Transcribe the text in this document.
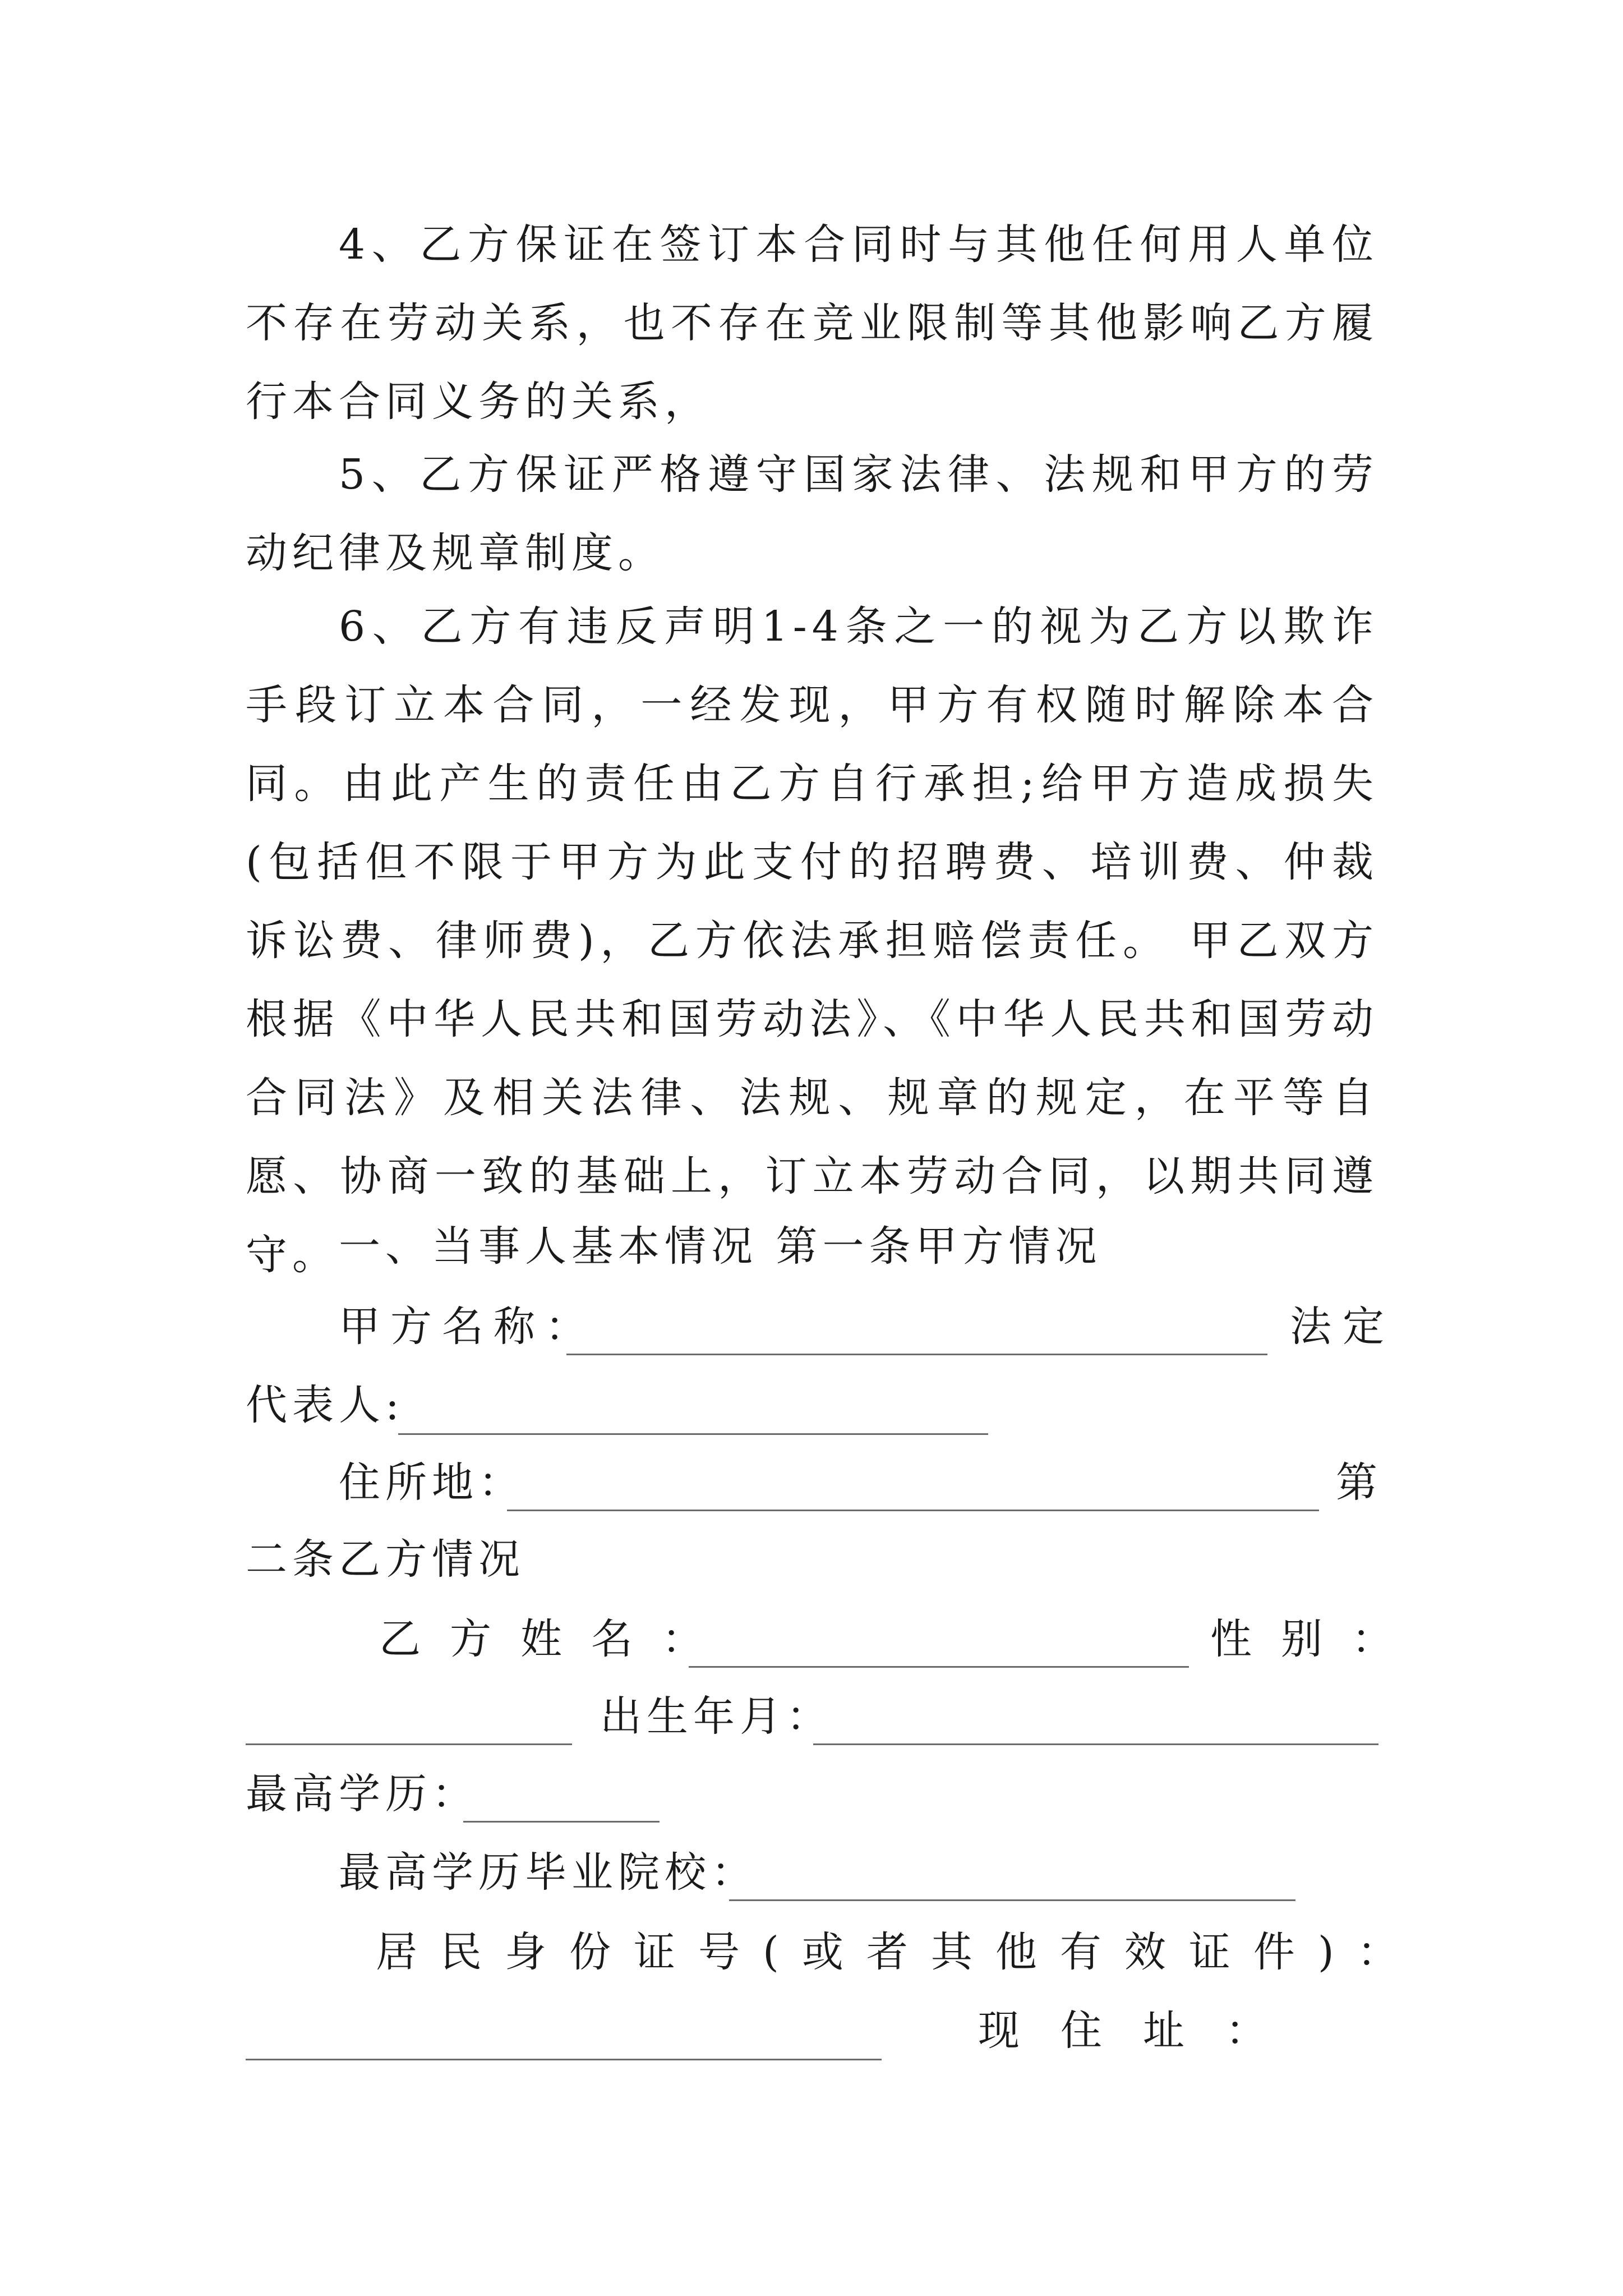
4、乙方保证在签订本合同时与其他任何用人单位不存在劳动关系，也不存在竞业限制等其他影响乙方履行本合同义务的关系，

5、乙方保证严格遵守国家法律、法规和甲方的劳动纪律及规章制度。

6、乙方有违反声明1-4条之一的视为乙方以欺诈手段订立本合同，一经发现，甲方有权随时解除本合同。由此产生的责任由乙方自行承担;给甲方造成损失(包括但不限于甲方为此支付的招聘费、培训费、仲裁诉讼费、律师费)，乙方依法承担赔偿责任。 甲乙双方根据《中华人民共和国劳动法》、《中华人民共和国劳动合同法》及相关法律、法规、规章的规定，在平等自愿、协商一致的基础上，订立本劳动合同，以期共同遵守。 一、当事人基本情况 第一条甲方情况
甲方名称：	法定
代表人:
住所地：	第
二条乙方情况
乙方姓名：	性别：
出生年月：
最高学历：
最高学历毕业院校：
居民身份证号(或者其他有效证件)：
现住址：
